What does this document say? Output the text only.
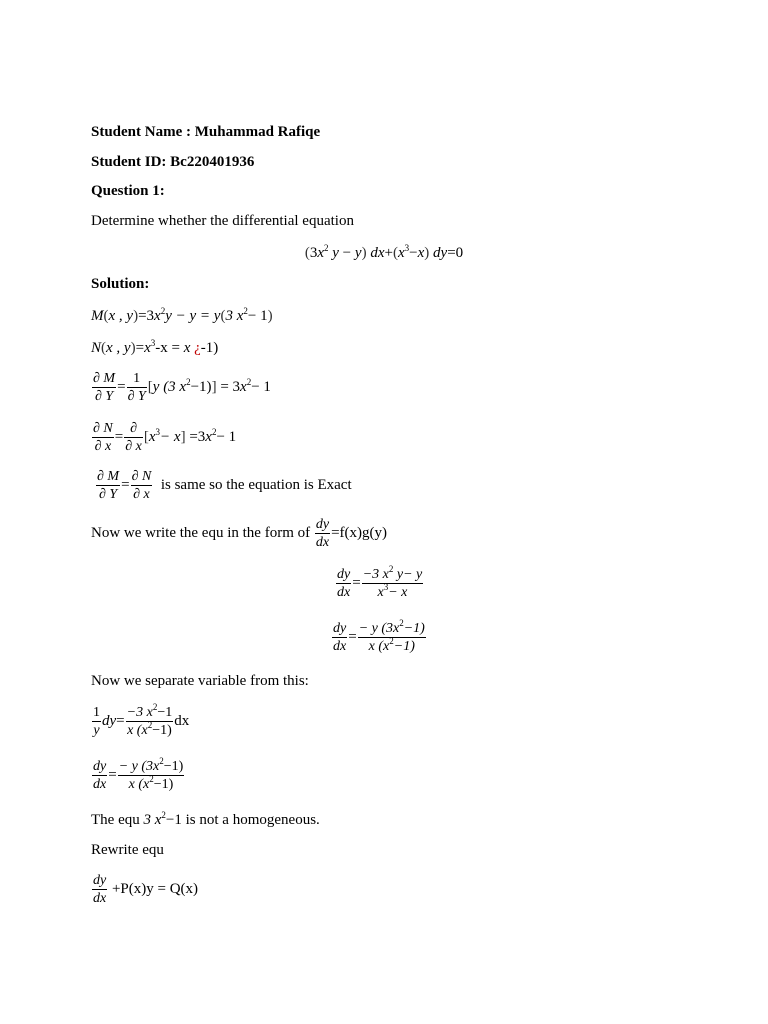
Student Name : Muhammad Rafiqe
Student ID: Bc220401936
Question 1:
Determine whether the differential equation
($3x^2$ y − y) $dx+(x^3-x)$ dy=0
Solution:
M(x , $y)=3x^2y - y = y(3$ $x^2- 1$)
N(x , $y)=x^3-x = x$ ¿-1)
$\frac{\partial M}{\partial Y} = \frac{1}{\partial Y} [y$ (3 $x^2-1)] = 3x^2- 1$
$\frac{\partial N}{\partial x} = \frac{\partial}{\partial x} [x^3- x] =3x^2- 1$
$\frac{\partial M}{\partial Y} = \frac{\partial N}{\partial x}$ is same so the equation is Exact
Now we write the equ in the form of $\frac{dy}{dx} =f(x)g(y)$
$\frac{dy}{dx} = \frac{-3 x^2 y- y}{x^3- x}$
$\frac{dy}{dx} = \frac{- y (3x^2-1)}{x (x^2-1)}$
Now we separate variable from this:
$\frac{1}{y} dy= \frac{-3 x^2-1}{x (x^2-1)}$ dx
$\frac{dy}{dx} = \frac{- y (3x^2-1)}{x (x^2-1)}$
The equ 3 $x^2-1$ is not a homogeneous.
Rewrite equ
$\frac{dy}{dx} +P(x)y = Q(x)$
